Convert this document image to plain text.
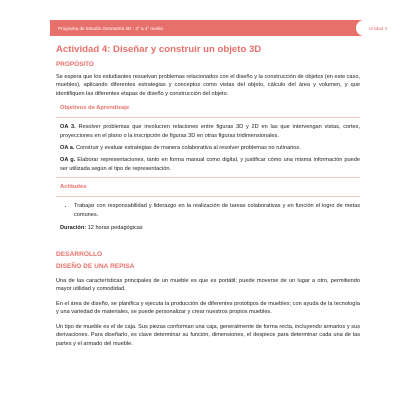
Programa de Estudio Geometría 3D - 3° a 4° medio	Unidad 4
Actividad 4: Diseñar y construir un objeto 3D
PROPÓSITO

Se espera que los estudiantes resuelvan problemas relacionados con el diseño y la construcción de objetos (en este caso, muebles), aplicando diferentes estrategias y conceptos como vistas del objeto, cálculo del área y volumen, y que identifiquen las diferentes etapas de diseño y construcción del objeto.

Objetivos de Aprendizaje
OA 3. Resolver problemas que involucren relaciones entre figuras 3D y 2D en las que intervengan vistas, cortes, proyecciones en el plano o la inscripción de figuras 3D en otras figuras tridimensionales.
OA a. Construir y evaluar estrategias de manera colaborativa al resolver problemas no rutinarios.
OA g. Elaborar representaciones, tanto en forma manual como digital, y justificar cómo una misma información puede ser utilizada según el tipo de representación.
Actitudes
• Trabajar con responsabilidad y liderazgo en la realización de tareas colaborativas y en función el logro de metas comunes.
Duración: 12 horas pedagógicas
DESARROLLO
DISEÑO DE UNA REPISA

Una de las características principales de un mueble es que es portátil; puede moverse de un lugar a otro, permitiendo mayor utilidad y comodidad.

En el área de diseño, se planifica y ejecuta la producción de diferentes prototipos de muebles; con ayuda de la tecnología y una variedad de materiales, se puede personalizar y crear nuestros propios muebles.

Un tipo de mueble es el de caja. Sus piezas conforman una caja, generalmente de forma recta, incluyendo armarios y sus derivaciones. Para diseñarlo, es clave determinar su función, dimensiones, el despiece para determinar cada una de las partes y el armado del mueble.
